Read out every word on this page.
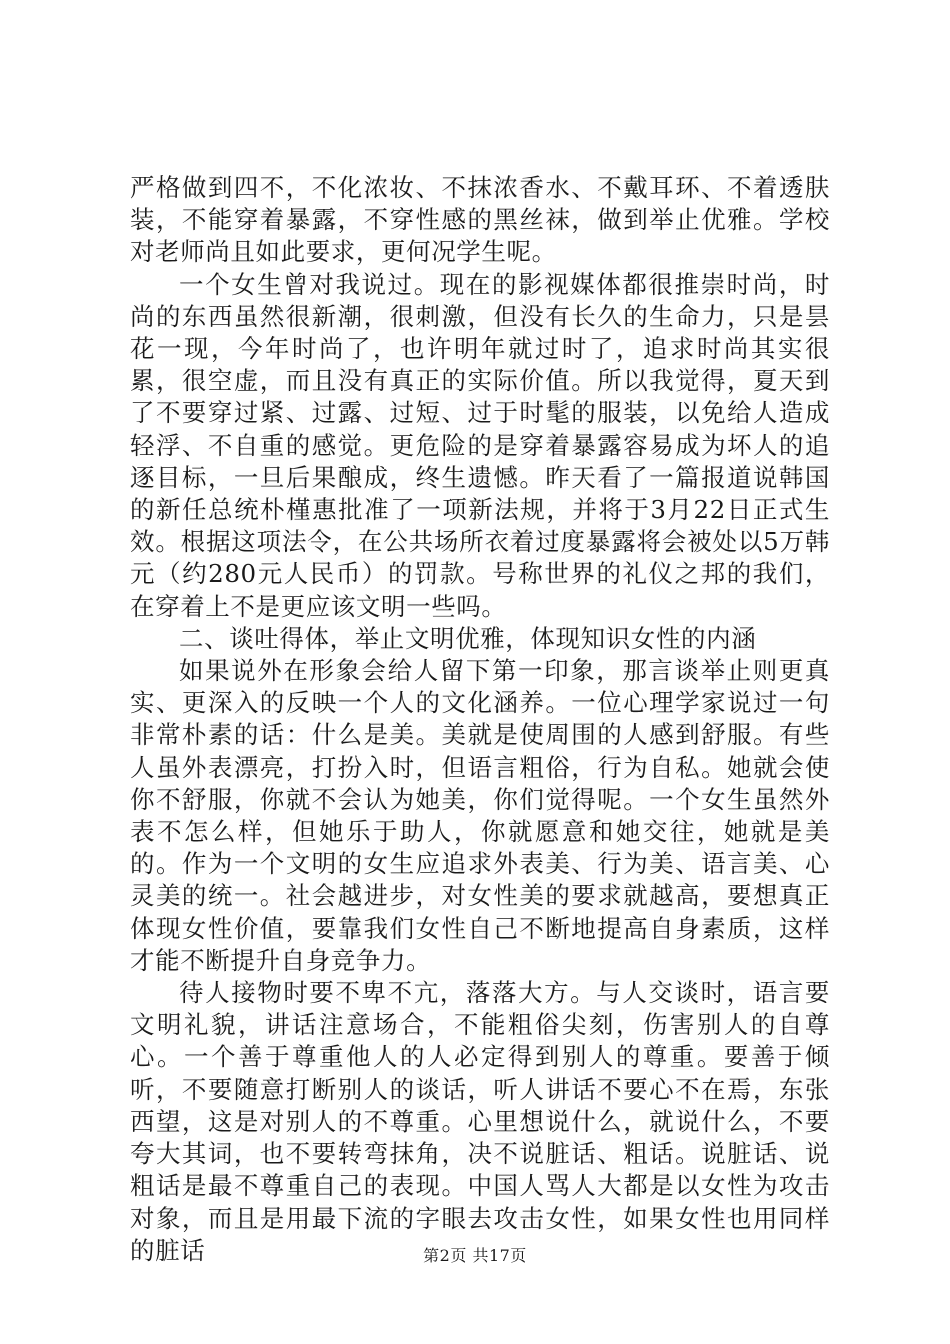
严格做到四不，不化浓妆、不抹浓香水、不戴耳环、不着透肤装，不能穿着暴露，不穿性感的黑丝袜，做到举止优雅。学校对老师尚且如此要求，更何况学生呢。

一个女生曾对我说过。现在的影视媒体都很推崇时尚，时尚的东西虽然很新潮，很刺激，但没有长久的生命力，只是昙花一现，今年时尚了，也许明年就过时了，追求时尚其实很累，很空虚，而且没有真正的实际价值。所以我觉得，夏天到了不要穿过紧、过露、过短、过于时髦的服装，以免给人造成轻浮、不自重的感觉。更危险的是穿着暴露容易成为坏人的追逐目标，一旦后果酿成，终生遗憾。昨天看了一篇报道说韩国的新任总统朴槿惠批准了一项新法规，并将于3月22日正式生效。根据这项法令，在公共场所衣着过度暴露将会被处以5万韩元（约280元人民币）的罚款。号称世界的礼仪之邦的我们，在穿着上不是更应该文明一些吗。

二、谈吐得体，举止文明优雅，体现知识女性的内涵

如果说外在形象会给人留下第一印象，那言谈举止则更真实、更深入的反映一个人的文化涵养。一位心理学家说过一句非常朴素的话：什么是美。美就是使周围的人感到舒服。有些人虽外表漂亮，打扮入时，但语言粗俗，行为自私。她就会使你不舒服，你就不会认为她美，你们觉得呢。一个女生虽然外表不怎么样，但她乐于助人，你就愿意和她交往，她就是美的。作为一个文明的女生应追求外表美、行为美、语言美、心灵美的统一。社会越进步，对女性美的要求就越高，要想真正体现女性价值，要靠我们女性自己不断地提高自身素质，这样才能不断提升自身竞争力。

待人接物时要不卑不亢，落落大方。与人交谈时，语言要文明礼貌，讲话注意场合，不能粗俗尖刻，伤害别人的自尊心。一个善于尊重他人的人必定得到别人的尊重。要善于倾听，不要随意打断别人的谈话，听人讲话不要心不在焉，东张西望，这是对别人的不尊重。心里想说什么，就说什么，不要夸大其词，也不要转弯抹角，决不说脏话、粗话。说脏话、说粗话是最不尊重自己的表现。中国人骂人大都是以女性为攻击对象，而且是用最下流的字眼去攻击女性，如果女性也用同样的脏话	第2页 共17页
